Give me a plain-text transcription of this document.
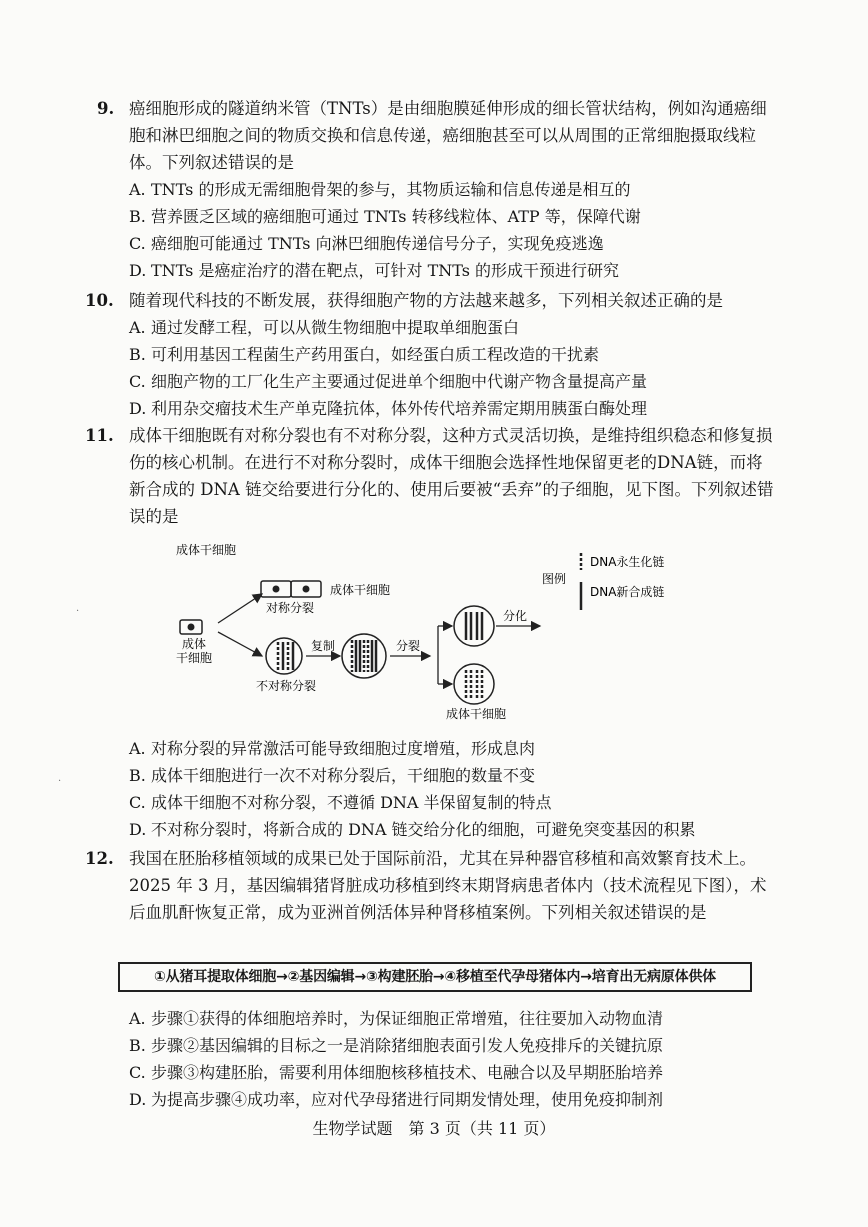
9. 癌细胞形成的隧道纳米管（TNTs）是由细胞膜延伸形成的细长管状结构，例如沟通癌细胞和淋巴细胞之间的物质交换和信息传递，癌细胞甚至可以从周围的正常细胞摄取线粒体。下列叙述错误的是
A. TNTs 的形成无需细胞骨架的参与，其物质运输和信息传递是相互的
B. 营养匮乏区域的癌细胞可通过 TNTs 转移线粒体、ATP 等，保障代谢
C. 癌细胞可能通过 TNTs 向淋巴细胞传递信号分子，实现免疫逃逸
D. TNTs 是癌症治疗的潜在靶点，可针对 TNTs 的形成干预进行研究
10. 随着现代科技的不断发展，获得细胞产物的方法越来越多，下列相关叙述正确的是
A. 通过发酵工程，可以从微生物细胞中提取单细胞蛋白
B. 可利用基因工程菌生产药用蛋白，如经蛋白质工程改造的干扰素
C. 细胞产物的工厂化生产主要通过促进单个细胞中代谢产物含量提高产量
D. 利用杂交瘤技术生产单克隆抗体，体外传代培养需定期用胰蛋白酶处理
11. 成体干细胞既有对称分裂也有不对称分裂，这种方式灵活切换，是维持组织稳态和修复损伤的核心机制。在进行不对称分裂时，成体干细胞会选择性地保留更老的DNA链，而将新合成的 DNA 链交给要进行分化的、使用后要被“丢弃”的子细胞，见下图。下列叙述错误的是
成体干细胞
图例
DNA永生化链
DNA新合成链
成体
干细胞
成体干细胞
对称分裂
不对称分裂
复制	分裂
分化
成体干细胞
A. 对称分裂的异常激活可能导致细胞过度增殖，形成息肉
B. 成体干细胞进行一次不对称分裂后，干细胞的数量不变
C. 成体干细胞不对称分裂，不遵循 DNA 半保留复制的特点
D. 不对称分裂时，将新合成的 DNA 链交给分化的细胞，可避免突变基因的积累
12. 我国在胚胎移植领域的成果已处于国际前沿，尤其在异种器官移植和高效繁育技术上。2025 年 3 月，基因编辑猪肾脏成功移植到终末期肾病患者体内（技术流程见下图），术后血肌酐恢复正常，成为亚洲首例活体异种肾移植案例。下列相关叙述错误的是
①从猪耳提取体细胞→②基因编辑→③构建胚胎→④移植至代孕母猪体内→培育出无病原体供体
A. 步骤①获得的体细胞培养时，为保证细胞正常增殖，往往要加入动物血清
B. 步骤②基因编辑的目标之一是消除猪细胞表面引发人免疫排斥的关键抗原
C. 步骤③构建胚胎，需要利用体细胞核移植技术、电融合以及早期胚胎培养
D. 为提高步骤④成功率，应对代孕母猪进行同期发情处理，使用免疫抑制剂
生物学试题　第 3 页（共 11 页）
·
·
